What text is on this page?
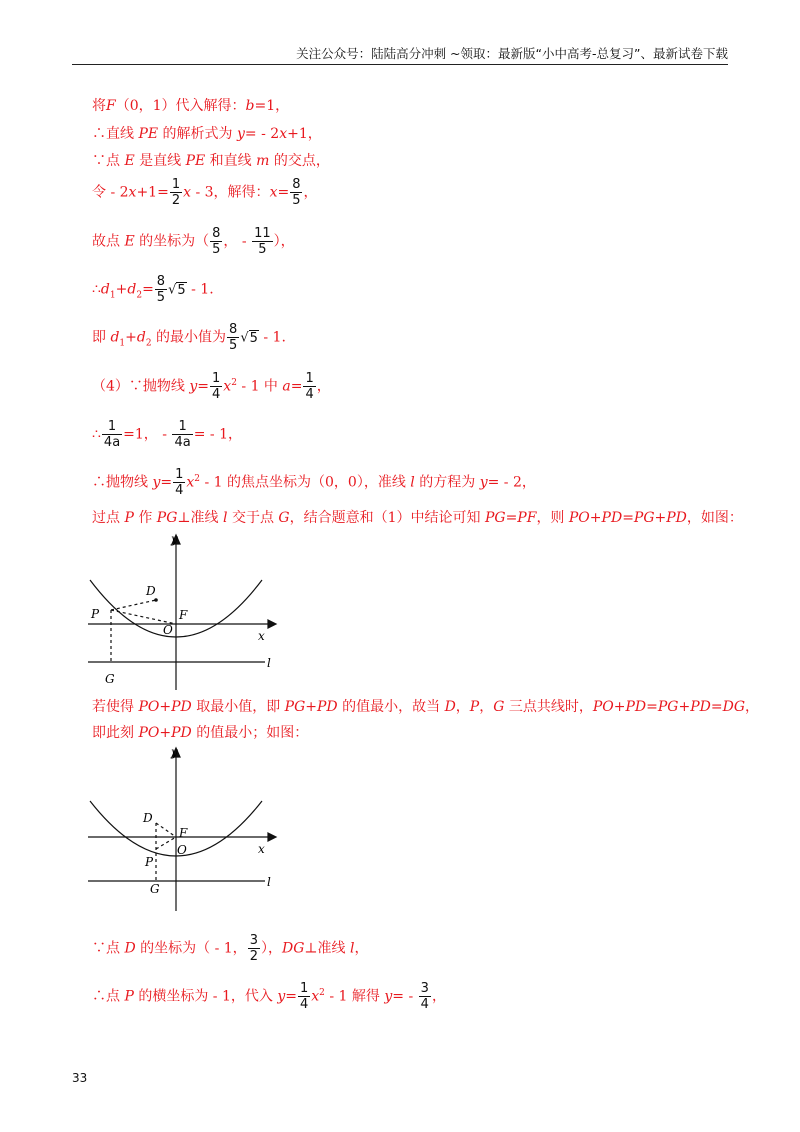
关注公众号：陆陆高分冲刺 ~领取：最新版“小中高考-总复习”、最新试卷下载
将F（0，1）代入解得：b=1，
∴直线 PE 的解析式为 y= - 2x+1，
∵点 E 是直线 PE 和直线 m 的交点，
令 - $2x+1= \frac{1}{2}$ x - 3，解得：$x= \frac{8}{5}$ ，
故点 E 的坐标为（ $\frac{8}{5}$ ， - $\frac{11}{5}$ ），
$\therefore d_1+d_2= \frac{8}{5} √5 - 1$.
即 $d_1+d_2$ 的最小值为 $\frac{8}{5} √5 - 1$.
（4）∵抛物线 $y= \frac{1}{4} x^2 - 1$ 中 $a= \frac{1}{4}$ ，
∴ $\frac{1}{4a} =1$， - $\frac{1}{4a}$ = - 1，
∴抛物线 $y= \frac{1}{4} x^2 - 1$ 的焦点坐标为（0，0），准线 l 的方程为 y= - 2，
过点 P 作 PG⊥准线 l 交于点 G，结合题意和（1）中结论可知 PG=PF，则 PO+PD=PG+PD，如图：
y
x
D
P	F
O
l
G
若使得 PO+PD 取最小值，即 PG+PD 的值最小，故当 D，P，G 三点共线时，PO+PD=PG+PD=DG，
即此刻 PO+PD 的值最小；如图：
y
x
D
P
F
O
l
G
∵点 D 的坐标为（ - 1， $\frac{3}{2}$ ），DG⊥准线 l，
∴点 P 的横坐标为 - 1，代入 $y= \frac{1}{4} x^2 - 1$ 解得 $y= - \frac{3}{4}$ ，
33
